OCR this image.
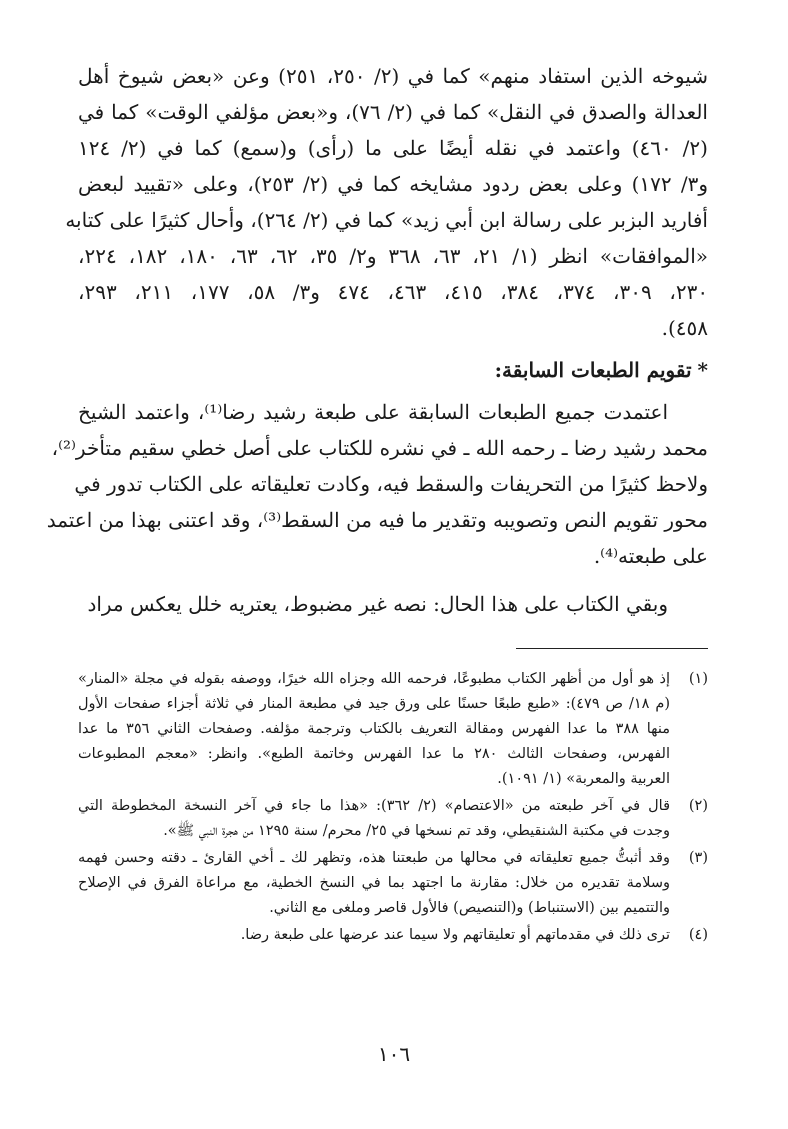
شيوخه الذين استفاد منهم» كما في (٢/ ٢٥٠، ٢٥١) وعن «بعض شيوخ أهل
العدالة والصدق في النقل» كما في (٢/ ٧٦)، و«بعض مؤلفي الوقت» كما في
(٢/ ٤٦٠) واعتمد في نقله أيضًا على ما (رأى) و(سمع) كما في (٢/ ١٢٤
و٣/ ١٧٢) وعلى بعض ردود مشايخه كما في (٢/ ٢٥٣)، وعلى «تقييد لبعض
أفاريد البزبر على رسالة ابن أبي زيد» كما في (٢/ ٢٦٤)، وأحال كثيرًا على كتابه
«الموافقات» انظر (١/ ٢١، ٦٣، ٣٦٨ و٢/ ٣٥، ٦٢، ٦٣، ١٨٠، ١٨٢، ٢٢٤،
٢٣٠، ٣٠٩، ٣٧٤، ٣٨٤، ٤١٥، ٤٦٣، ٤٧٤ و٣/ ٥٨، ١٧٧، ٢١١، ٢٩٣،
٤٥٨).
*تقويم الطبعات السابقة:
اعتمدت جميع الطبعات السابقة على طبعة رشيد رضا⁽¹⁾، واعتمد الشيخ
محمد رشيد رضا ـ رحمه الله ـ في نشره للكتاب على أصل خطي سقيم متأخر⁽²⁾،
ولاحظ كثيرًا من التحريفات والسقط فيه، وكادت تعليقاته على الكتاب تدور في
محور تقويم النص وتصويبه وتقدير ما فيه من السقط⁽³⁾، وقد اعتنى بهذا من اعتمد
على طبعته⁽⁴⁾.
وبقي الكتاب على هذا الحال: نصه غير مضبوط، يعتريه خلل يعكس مراد
(١)
إذ هو أول من أظهر الكتاب مطبوعًا، فرحمه الله وجزاه الله خيرًا، ووصفه بقوله في مجلة «المنار»
(م ١٨/ ص ٤٧٩): «طبع طبعًا حسنًا على ورق جيد في مطبعة المنار في ثلاثة أجزاء صفحات الأول
منها ٣٨٨ ما عدا الفهرس ومقالة التعريف بالكتاب وترجمة مؤلفه. وصفحات الثاني ٣٥٦ ما عدا
الفهرس، وصفحات الثالث ٢٨٠ ما عدا الفهرس وخاتمة الطبع». وانظر: «معجم المطبوعات
العربية والمعربة» (١/ ١٠٩١).
(٢)
قال في آخر طبعته من «الاعتصام» (٢/ ٣٦٢): «هذا ما جاء في آخر النسخة المخطوطة التي
وجدت في مكتبة الشنقيطي، وقد تم نسخها في ٢٥/ محرم/ سنة ١٢٩٥ من هجرة النبي ﷺ».
(٣)
وقد أثبتُّ جميع تعليقاته في محالها من طبعتنا هذه، وتظهر لك ـ أخي القارئ ـ دقته وحسن فهمه
وسلامة تقديره من خلال: مقارنة ما اجتهد بما في النسخ الخطية، مع مراعاة الفرق في الإصلاح
والتتميم بين (الاستنباط) و(التنصيص) فالأول قاصر وملغى مع الثاني.
(٤)
ترى ذلك في مقدماتهم أو تعليقاتهم ولا سيما عند عرضها على طبعة رضا.
١٠٦
